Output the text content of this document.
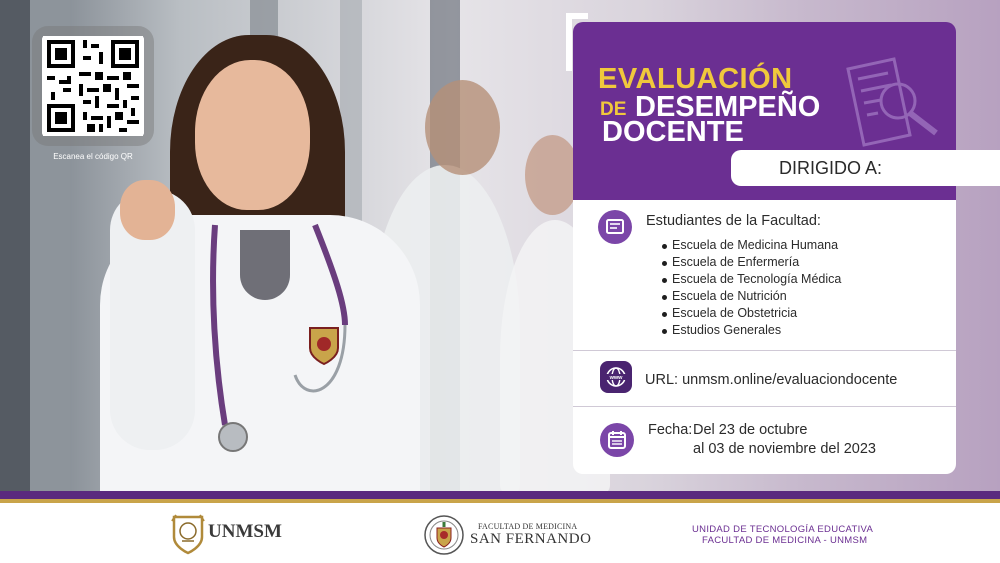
Escanea el código QR
EVALUACIÓN
DE DESEMPEÑO
DOCENTE
DIRIGIDO A:
Estudiantes de la Facultad:
Escuela de Medicina Humana
Escuela de Enfermería
Escuela de Tecnología Médica
Escuela de Nutrición
Escuela de Obstetricia
Estudios Generales
www URL: unmsm.online/evaluaciondocente
Fecha: Del 23 de octubre
al 03 de noviembre del 2023
UNMSM	FACULTAD DE MEDICINA
SAN FERNANDO
UNIDAD DE TECNOLOGÍA EDUCATIVA
FACULTAD DE MEDICINA - UNMSM
